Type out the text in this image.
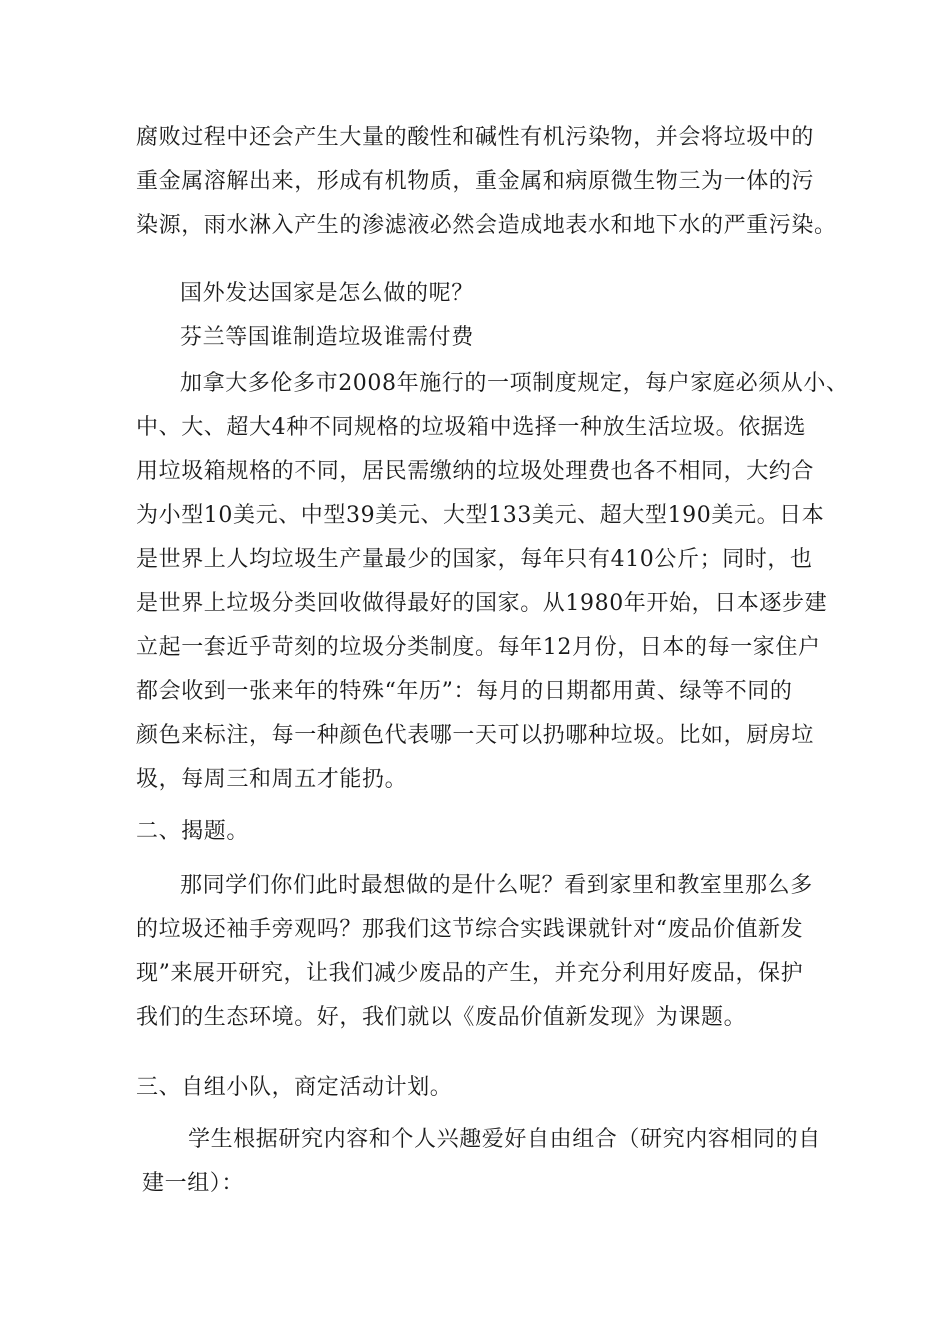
腐败过程中还会产生大量的酸性和碱性有机污染物，并会将垃圾中的
重金属溶解出来，形成有机物质，重金属和病原微生物三为一体的污
染源，雨水淋入产生的渗滤液必然会造成地表水和地下水的严重污染。
国外发达国家是怎么做的呢？
芬兰等国谁制造垃圾谁需付费
加拿大多伦多市2008年施行的一项制度规定，每户家庭必须从小、
中、大、超大4种不同规格的垃圾箱中选择一种放生活垃圾。依据选
用垃圾箱规格的不同，居民需缴纳的垃圾处理费也各不相同，大约合
为小型10美元、中型39美元、大型133美元、超大型190美元。日本
是世界上人均垃圾生产量最少的国家，每年只有410公斤；同时，也
是世界上垃圾分类回收做得最好的国家。从1980年开始，日本逐步建
立起一套近乎苛刻的垃圾分类制度。每年12月份，日本的每一家住户
都会收到一张来年的特殊“年历”：每月的日期都用黄、绿等不同的
颜色来标注，每一种颜色代表哪一天可以扔哪种垃圾。比如，厨房垃
圾，每周三和周五才能扔。
二、揭题。
那同学们你们此时最想做的是什么呢？看到家里和教室里那么多
的垃圾还袖手旁观吗？那我们这节综合实践课就针对“废品价值新发
现”来展开研究，让我们减少废品的产生，并充分利用好废品，保护
我们的生态环境。好，我们就以《废品价值新发现》为课题。
三、自组小队，商定活动计划。
学生根据研究内容和个人兴趣爱好自由组合（研究内容相同的自
建一组）：
